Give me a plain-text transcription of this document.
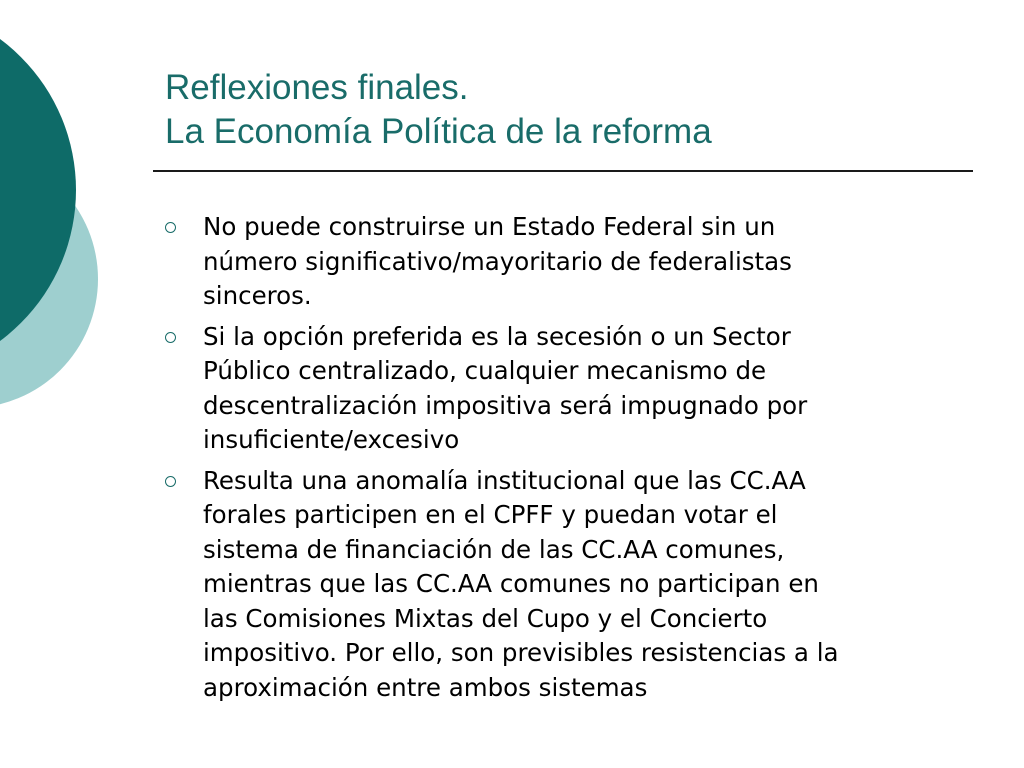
Reflexiones finales.
La Economía Política de la reforma
No puede construirse un Estado Federal sin un
número significativo/mayoritario de federalistas
sinceros.
Si la opción preferida es la secesión o un Sector
Público centralizado, cualquier mecanismo de
descentralización impositiva será impugnado por
insuficiente/excesivo
Resulta una anomalía institucional que las CC.AA
forales participen en el CPFF y puedan votar el
sistema de financiación de las CC.AA comunes,
mientras que las CC.AA comunes no participan en
las Comisiones Mixtas del Cupo y el Concierto
impositivo. Por ello, son previsibles resistencias a la
aproximación entre ambos sistemas
